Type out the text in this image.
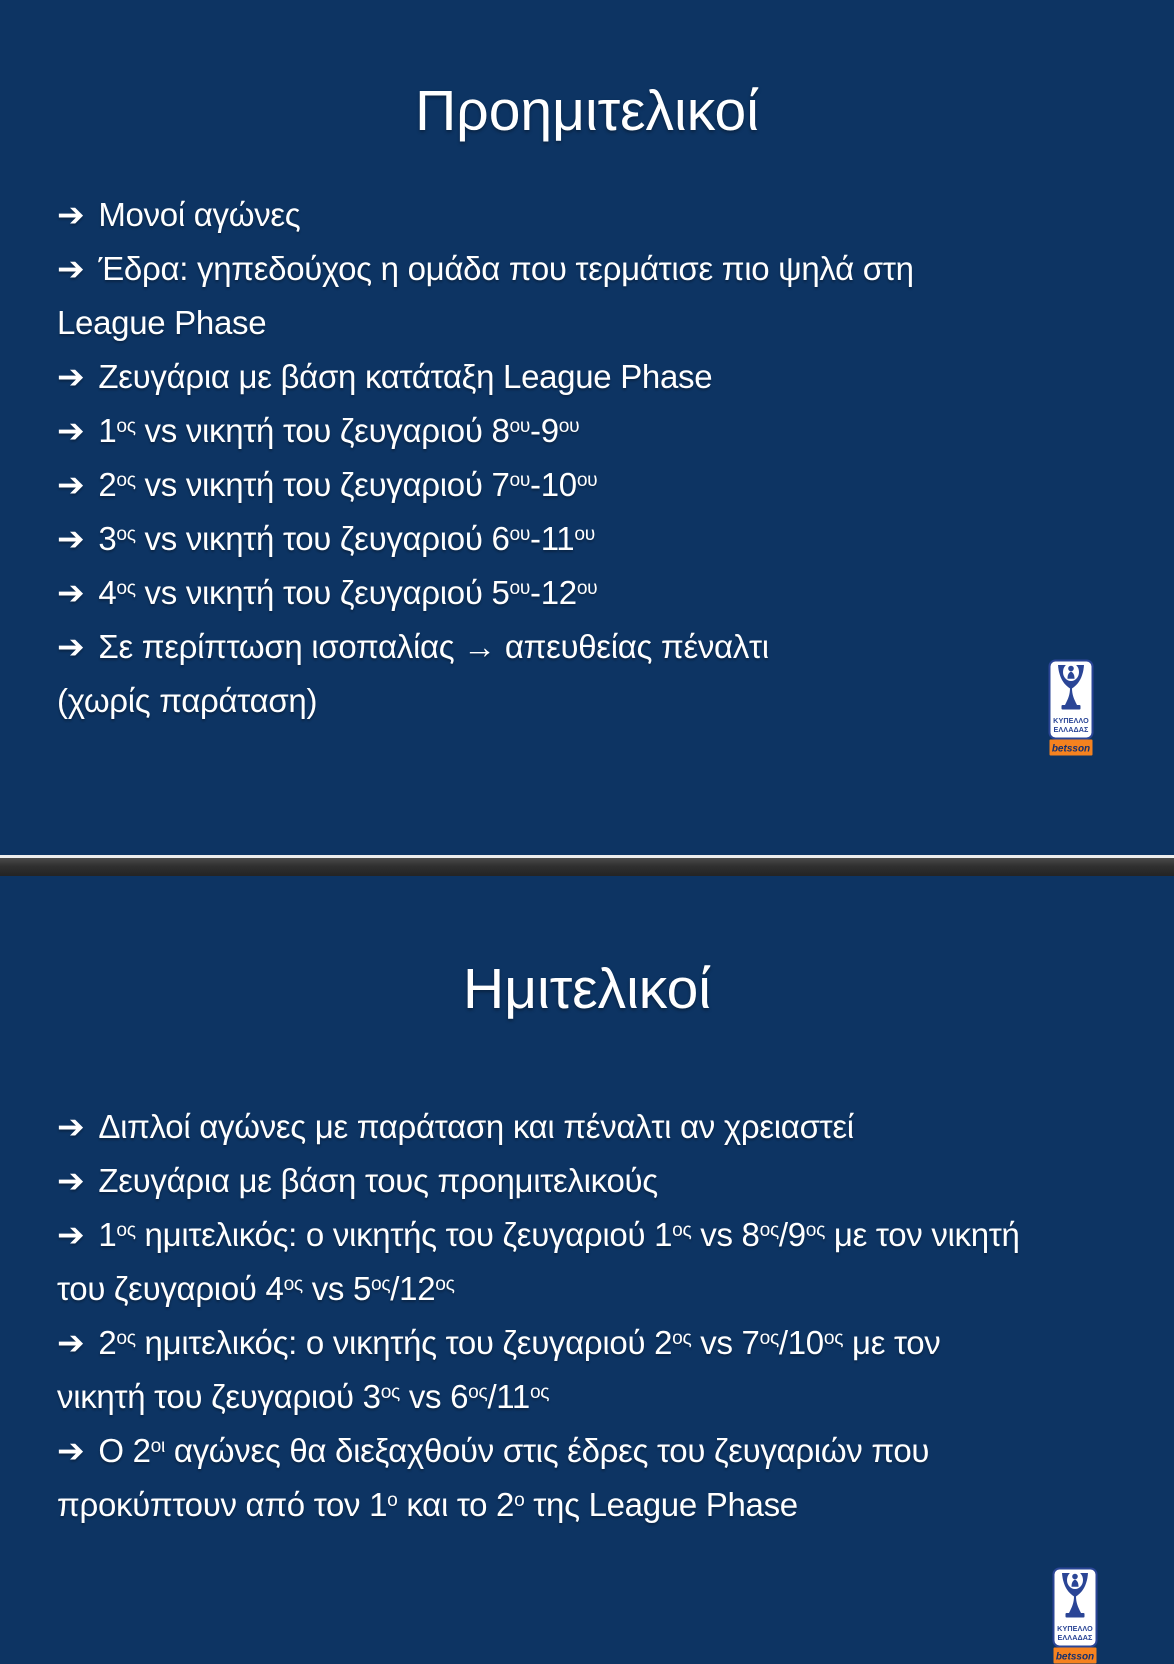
Προημιτελικοί
➔ Μονοί αγώνες
➔ Έδρα: γηπεδούχος η ομάδα που τερμάτισε πιο ψηλά στη
League Phase
➔ Ζευγάρια με βάση κατάταξη League Phase
➔ $1^{o\varsigma}$ vs νικητή του ζευγαριού $8^{o\upsilon}-9^{o\upsilon}$
➔ $2^{o\varsigma}$ vs νικητή του ζευγαριού $7^{o\upsilon}-10^{o\upsilon}$
➔ $3^{o\varsigma}$ vs νικητή του ζευγαριού $6^{o\upsilon}-11^{o\upsilon}$
➔ $4^{o\varsigma}$ vs νικητή του ζευγαριού $5^{o\upsilon}-12^{o\upsilon}$
➔ Σε περίπτωση ισοπαλίας → απευθείας πέναλτι
(χωρίς παράταση)
ΚΥΠΕΛΛΟ
ΕΛΛΑΔΑΣ
betsson
Ημιτελικοί
➔ Διπλοί αγώνες με παράταση και πέναλτι αν χρειαστεί
➔ Ζευγάρια με βάση τους προημιτελικούς
➔ $1^{o\varsigma}$ ημιτελικός: ο νικητής του ζευγαριού $1^{o\varsigma}$ vs $8^{o\varsigma}/9^{o\varsigma}$ με τον νικητή
του ζευγαριού $4^{o\varsigma}$ vs $5^{o\varsigma}/12^{o\varsigma}$
➔ $2^{o\varsigma}$ ημιτελικός: ο νικητής του ζευγαριού $2^{o\varsigma}$ vs $7^{o\varsigma}/10^{o\varsigma}$ με τον
νικητή του ζευγαριού $3^{o\varsigma}$ vs $6^{o\varsigma}/11^{o\varsigma}$
➔ Ο $2^{o\iota}$ αγώνες θα διεξαχθούν στις έδρες του ζευγαριών που
προκύπτουν από τον $1^o$ και το $2^o$ της League Phase
ΚΥΠΕΛΛΟ
ΕΛΛΑΔΑΣ
betsson
